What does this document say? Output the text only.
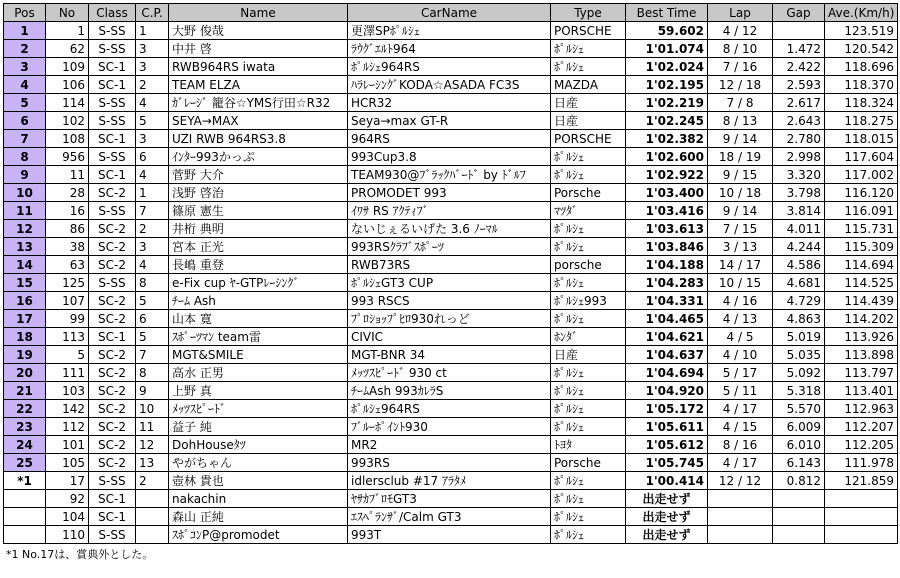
Pos	No	Class	C.P.	Name	CarName	Type	Best Time	Lap	Gap	Ave.(Km/h)
1	1	S-SS	1	大野 俊哉	更澤SPﾎﾟﾙｼｪ	PORSCHE	59.602	4 / 12		123.519
2	62	S-SS	3	中井 啓	ﾗｳｸﾞｴﾙﾄ964	ﾎﾟﾙｼｪ	1'01.074	8 / 10	1.472	120.542
3	109	SC-1	3	RWB964RS iwata	ﾎﾟﾙｼｪ964RS	ﾎﾟﾙｼｪ	1'02.024	7 / 16	2.422	118.696
4	106	SC-1	2	TEAM ELZA	ﾊﾗﾚｰｼﾝｸﾞKODA☆ASADA FC3S	MAZDA	1'02.195	12 / 18	2.593	118.370
5	114	S-SS	4	ｶﾞﾚｰｼﾞ 籠谷☆YMS行田☆R32	HCR32	日産	1'02.219	7 / 8	2.617	118.324
6	102	S-SS	5	SEYA→MAX	Seya→max GT-R	日産	1'02.245	8 / 13	2.643	118.275
7	108	SC-1	3	UZI RWB 964RS3.8	964RS	PORSCHE	1'02.382	9 / 14	2.780	118.015
8	956	S-SS	6	ｲﾝﾀｰ993かっぷ	993Cup3.8	ﾎﾟﾙｼｪ	1'02.600	18 / 19	2.998	117.604
9	11	SC-1	4	菅野 大介	TEAM930@ﾌﾞﾗｯｸﾊﾞｰﾄﾞ by ﾄﾞﾙﾌ	ﾎﾟﾙｼｪ	1'02.922	9 / 15	3.320	117.002
10	28	SC-2	1	浅野 啓治	PROMODET 993	Porsche	1'03.400	10 / 18	3.798	116.120
11	16	S-SS	7	篠原 憲生	ｲﾜｻ RS ｱｸﾃｨﾌﾞ	ﾏﾂﾀﾞ	1'03.416	9 / 14	3.814	116.091
12	86	SC-2	2	井桁 典明	ないじぇるいげた 3.6 ﾉｰﾏﾙ	ﾎﾟﾙｼｪ	1'03.613	7 / 15	4.011	115.731
13	38	SC-2	3	宮本 正光	993RSｸﾗﾌﾞｽﾎﾟｰﾂ	ﾎﾟﾙｼｪ	1'03.846	3 / 13	4.244	115.309
14	63	SC-2	4	長嶋 重登	RWB73RS	porsche	1'04.188	14 / 17	4.586	114.694
15	125	S-SS	8	e-Fix cup ﾔ-GTPﾚｰｼﾝｸﾞ	ﾎﾟﾙｼｪGT3 CUP	ﾎﾟﾙｼｪ	1'04.283	10 / 15	4.681	114.525
16	107	SC-2	5	ﾁｰﾑ Ash	993 RSCS	ﾎﾟﾙｼｪ993	1'04.331	4 / 16	4.729	114.439
17	99	SC-2	6	山本 寛	ﾌﾟﾛｼｮｯﾌﾟﾋﾛ930れっど	ﾎﾟﾙｼｪ	1'04.465	4 / 13	4.863	114.202
18	113	SC-1	5	ｽﾎﾟｰﾂﾏﾝ team雷	CIVIC	ﾎﾝﾀﾞ	1'04.621	4 / 5	5.019	113.926
19	5	SC-2	7	MGT&SMILE	MGT-BNR 34	日産	1'04.637	4 / 10	5.035	113.898
20	111	SC-2	8	高水 正男	ﾒｯﾂｽﾋﾟｰﾄﾞ 930 ct	ﾎﾟﾙｼｪ	1'04.694	5 / 17	5.092	113.797
21	103	SC-2	9	上野 真	ﾁｰﾑAsh 993ｶﾚﾗS	ﾎﾟﾙｼｪ	1'04.920	5 / 11	5.318	113.401
22	142	SC-2	10	ﾒｯﾂｽﾋﾟｰﾄﾞ	ﾎﾟﾙｼｪ964RS	ﾎﾟﾙｼｪ	1'05.172	4 / 17	5.570	112.963
23	112	SC-2	11	益子 純	ﾌﾞﾙｰﾎﾟｲﾝﾄ930	ﾎﾟﾙｼｪ	1'05.611	4 / 15	6.009	112.207
24	101	SC-2	12	DohHouseﾀﾂ	MR2	ﾄﾖﾀ	1'05.612	8 / 16	6.010	112.205
25	105	SC-2	13	やがちゃん	993RS	Porsche	1'05.745	4 / 17	6.143	111.978
*1	17	S-SS	2	壺林 貴也	idlersclub #17 ｱﾗﾀﾒ	ﾎﾟﾙｼｪ	1'00.414	12 / 12	0.812	121.859
	92	SC-1		nakachin	ﾔｻｶﾌﾞﾛﾓGT3	ﾎﾟﾙｼｪ	出走せず			
	104	SC-1		森山 正純	ｴｽﾍﾟﾗﾝｻﾞ/Calm GT3	ﾎﾟﾙｼｪ	出走せず			
	110	S-SS		ｽﾎﾟｺﾝP@promodet	993T	ﾎﾟﾙｼｪ	出走せず			
*1 No.17は、賞典外とした。
